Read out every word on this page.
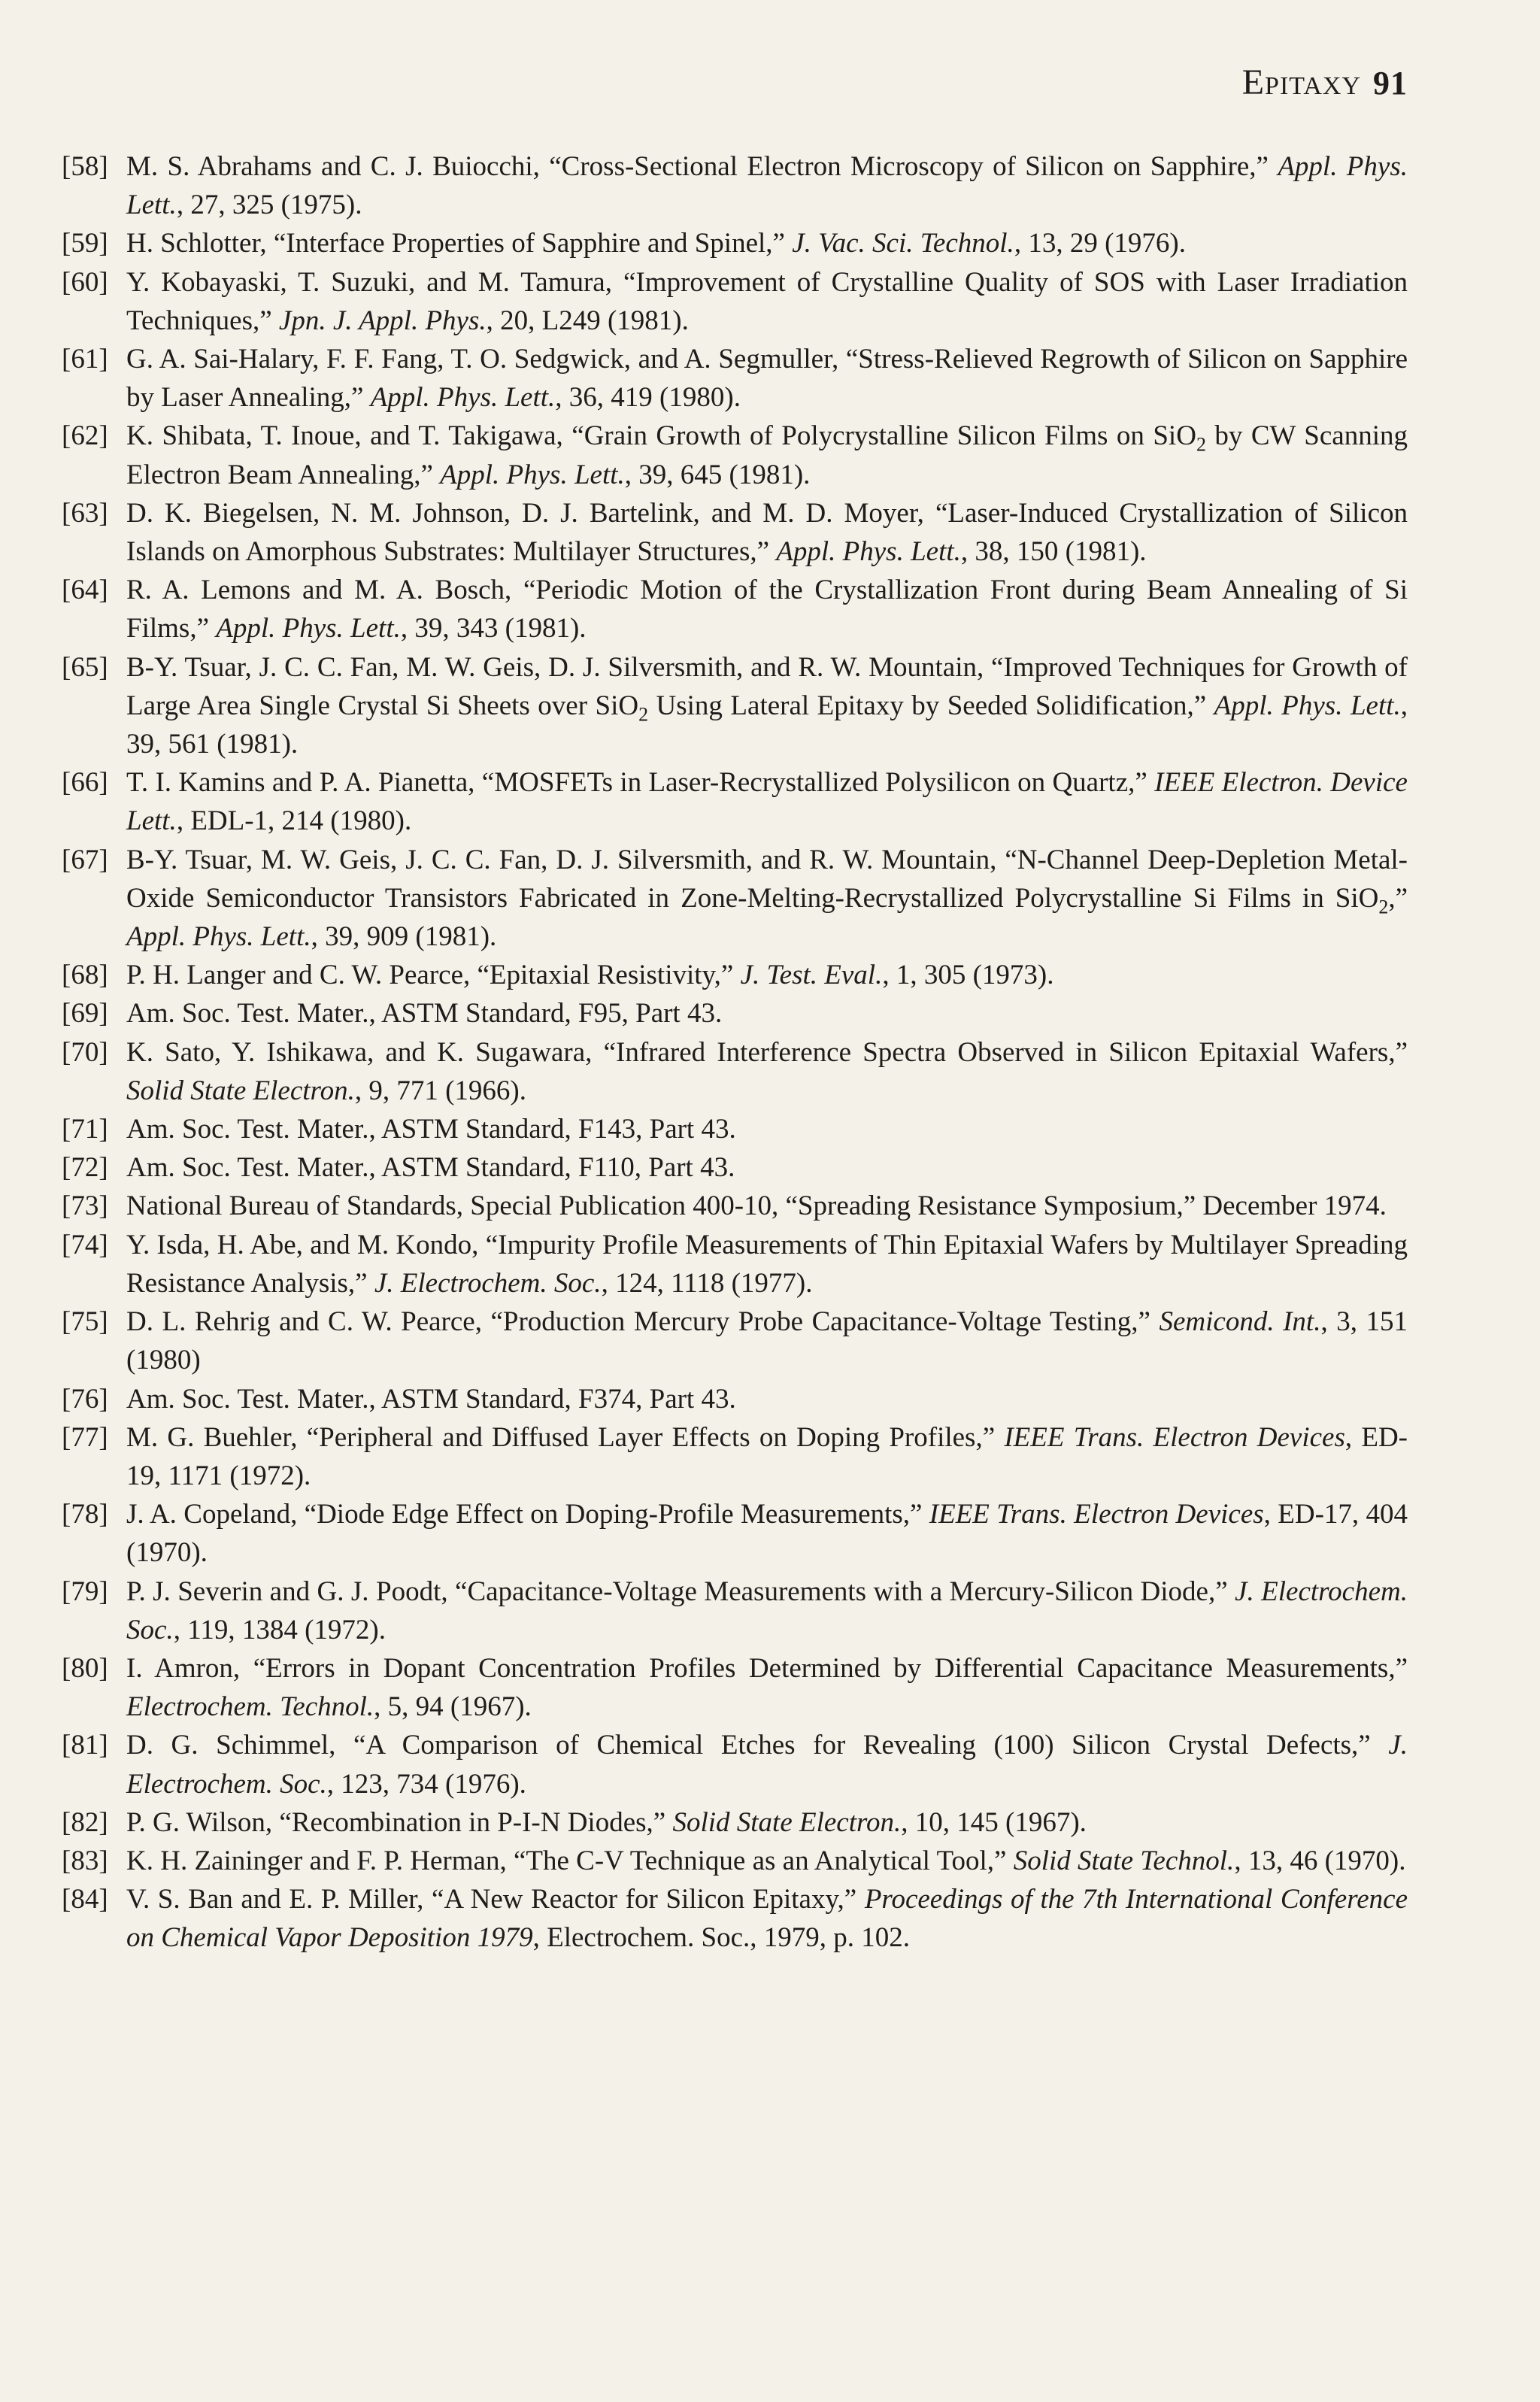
Epitaxy 91
[58] M. S. Abrahams and C. J. Buiocchi, “Cross-Sectional Electron Microscopy of Silicon on Sapphire,” Appl. Phys. Lett., 27, 325 (1975).
[59] H. Schlotter, “Interface Properties of Sapphire and Spinel,” J. Vac. Sci. Technol., 13, 29 (1976).
[60] Y. Kobayaski, T. Suzuki, and M. Tamura, “Improvement of Crystalline Quality of SOS with Laser Irradiation Techniques,” Jpn. J. Appl. Phys., 20, L249 (1981).
[61] G. A. Sai-Halary, F. F. Fang, T. O. Sedgwick, and A. Segmuller, “Stress-Relieved Regrowth of Silicon on Sapphire by Laser Annealing,” Appl. Phys. Lett., 36, 419 (1980).
[62] K. Shibata, T. Inoue, and T. Takigawa, “Grain Growth of Polycrystalline Silicon Films on SiO$_2$ by CW Scanning Electron Beam Annealing,” Appl. Phys. Lett., 39, 645 (1981).
[63] D. K. Biegelsen, N. M. Johnson, D. J. Bartelink, and M. D. Moyer, “Laser-Induced Crystallization of Silicon Islands on Amorphous Substrates: Multilayer Structures,” Appl. Phys. Lett., 38, 150 (1981).
[64] R. A. Lemons and M. A. Bosch, “Periodic Motion of the Crystallization Front during Beam Annealing of Si Films,” Appl. Phys. Lett., 39, 343 (1981).
[65] B-Y. Tsuar, J. C. C. Fan, M. W. Geis, D. J. Silversmith, and R. W. Mountain, “Improved Techniques for Growth of Large Area Single Crystal Si Sheets over SiO$_2$ Using Lateral Epitaxy by Seeded Solidification,” Appl. Phys. Lett., 39, 561 (1981).
[66] T. I. Kamins and P. A. Pianetta, “MOSFETs in Laser-Recrystallized Polysilicon on Quartz,” IEEE Electron. Device Lett., EDL-1, 214 (1980).
[67] B-Y. Tsuar, M. W. Geis, J. C. C. Fan, D. J. Silversmith, and R. W. Mountain, “N-Channel Deep-Depletion Metal-Oxide Semiconductor Transistors Fabricated in Zone-Melting-Recrystallized Polycrystalline Si Films in SiO$_2$,” Appl. Phys. Lett., 39, 909 (1981).
[68] P. H. Langer and C. W. Pearce, “Epitaxial Resistivity,” J. Test. Eval., 1, 305 (1973).
[69] Am. Soc. Test. Mater., ASTM Standard, F95, Part 43.
[70] K. Sato, Y. Ishikawa, and K. Sugawara, “Infrared Interference Spectra Observed in Silicon Epitaxial Wafers,” Solid State Electron., 9, 771 (1966).
[71] Am. Soc. Test. Mater., ASTM Standard, F143, Part 43.
[72] Am. Soc. Test. Mater., ASTM Standard, F110, Part 43.
[73] National Bureau of Standards, Special Publication 400-10, “Spreading Resistance Symposium,” December 1974.
[74] Y. Isda, H. Abe, and M. Kondo, “Impurity Profile Measurements of Thin Epitaxial Wafers by Multilayer Spreading Resistance Analysis,” J. Electrochem. Soc., 124, 1118 (1977).
[75] D. L. Rehrig and C. W. Pearce, “Production Mercury Probe Capacitance-Voltage Testing,” Semicond. Int., 3, 151 (1980)
[76] Am. Soc. Test. Mater., ASTM Standard, F374, Part 43.
[77] M. G. Buehler, “Peripheral and Diffused Layer Effects on Doping Profiles,” IEEE Trans. Electron Devices, ED-19, 1171 (1972).
[78] J. A. Copeland, “Diode Edge Effect on Doping-Profile Measurements,” IEEE Trans. Electron Devices, ED-17, 404 (1970).
[79] P. J. Severin and G. J. Poodt, “Capacitance-Voltage Measurements with a Mercury-Silicon Diode,” J. Electrochem. Soc., 119, 1384 (1972).
[80] I. Amron, “Errors in Dopant Concentration Profiles Determined by Differential Capacitance Measurements,” Electrochem. Technol., 5, 94 (1967).
[81] D. G. Schimmel, “A Comparison of Chemical Etches for Revealing (100) Silicon Crystal Defects,” J. Electrochem. Soc., 123, 734 (1976).
[82] P. G. Wilson, “Recombination in P-I-N Diodes,” Solid State Electron., 10, 145 (1967).
[83] K. H. Zaininger and F. P. Herman, “The C-V Technique as an Analytical Tool,” Solid State Technol., 13, 46 (1970).
[84] V. S. Ban and E. P. Miller, “A New Reactor for Silicon Epitaxy,” Proceedings of the 7th International Conference on Chemical Vapor Deposition 1979, Electrochem. Soc., 1979, p. 102.
